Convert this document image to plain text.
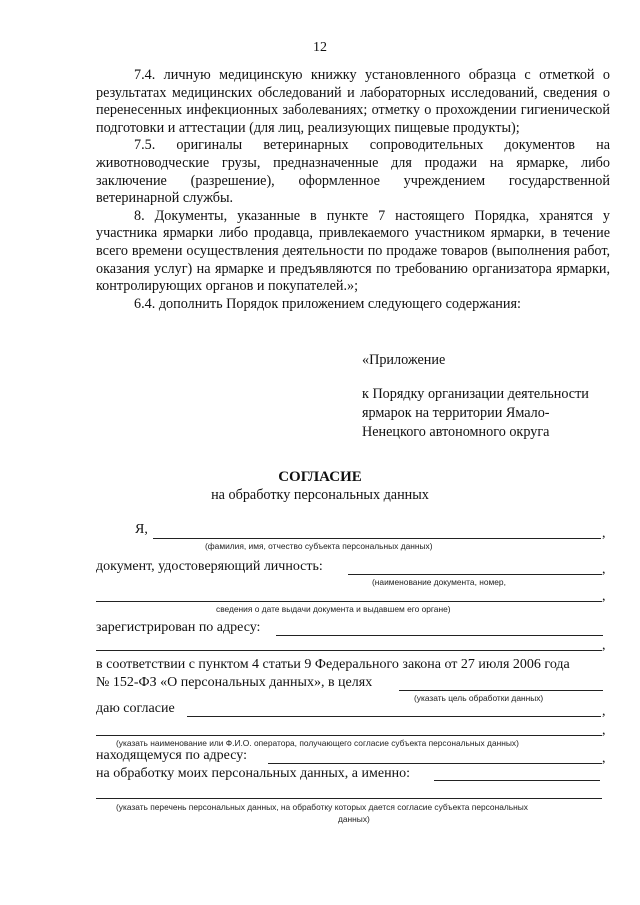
12

7.4. личную медицинскую книжку установленного образца с отметкой о результатах медицинских обследований и лабораторных исследований, сведения о перенесенных инфекционных заболеваниях; отметку о прохождении гигиенической подготовки и аттестации (для лиц, реализующих пищевые продукты);

7.5. оригиналы ветеринарных сопроводительных документов на животноводческие грузы, предназначенные для продажи на ярмарке, либо заключение (разрешение), оформленное учреждением государственной ветеринарной службы.

8. Документы, указанные в пункте 7 настоящего Порядка, хранятся у участника ярмарки либо продавца, привлекаемого участником ярмарки, в течение всего времени осуществления деятельности по продаже товаров (выполнения работ, оказания услуг) на ярмарке и предъявляются по требованию организатора ярмарки, контролирующих органов и покупателей.»;

6.4. дополнить Порядок приложением следующего содержания:

«Приложение

к Порядку организации деятельности ярмарок на территории Ямало-Ненецкого автономного округа

СОГЛАСИЕ
на обработку персональных данных
Я,	,
(фамилия, имя, отчество субъекта персональных данных)
документ, удостоверяющий личность:	,
(наименование документа, номер,
,
сведения о дате выдачи документа и выдавшем его органе)
зарегистрирован по адресу:
,
в соответствии с пунктом 4 статьи 9 Федерального закона от 27 июля 2006 года
№ 152-ФЗ «О персональных данных», в целях
(указать цель обработки данных)
даю согласие	,
,
(указать наименование или Ф.И.О. оператора, получающего согласие субъекта персональных данных)
находящемуся по адресу:	,
на обработку моих персональных данных, а именно:
(указать перечень персональных данных, на обработку которых дается согласие субъекта персональных
данных)
